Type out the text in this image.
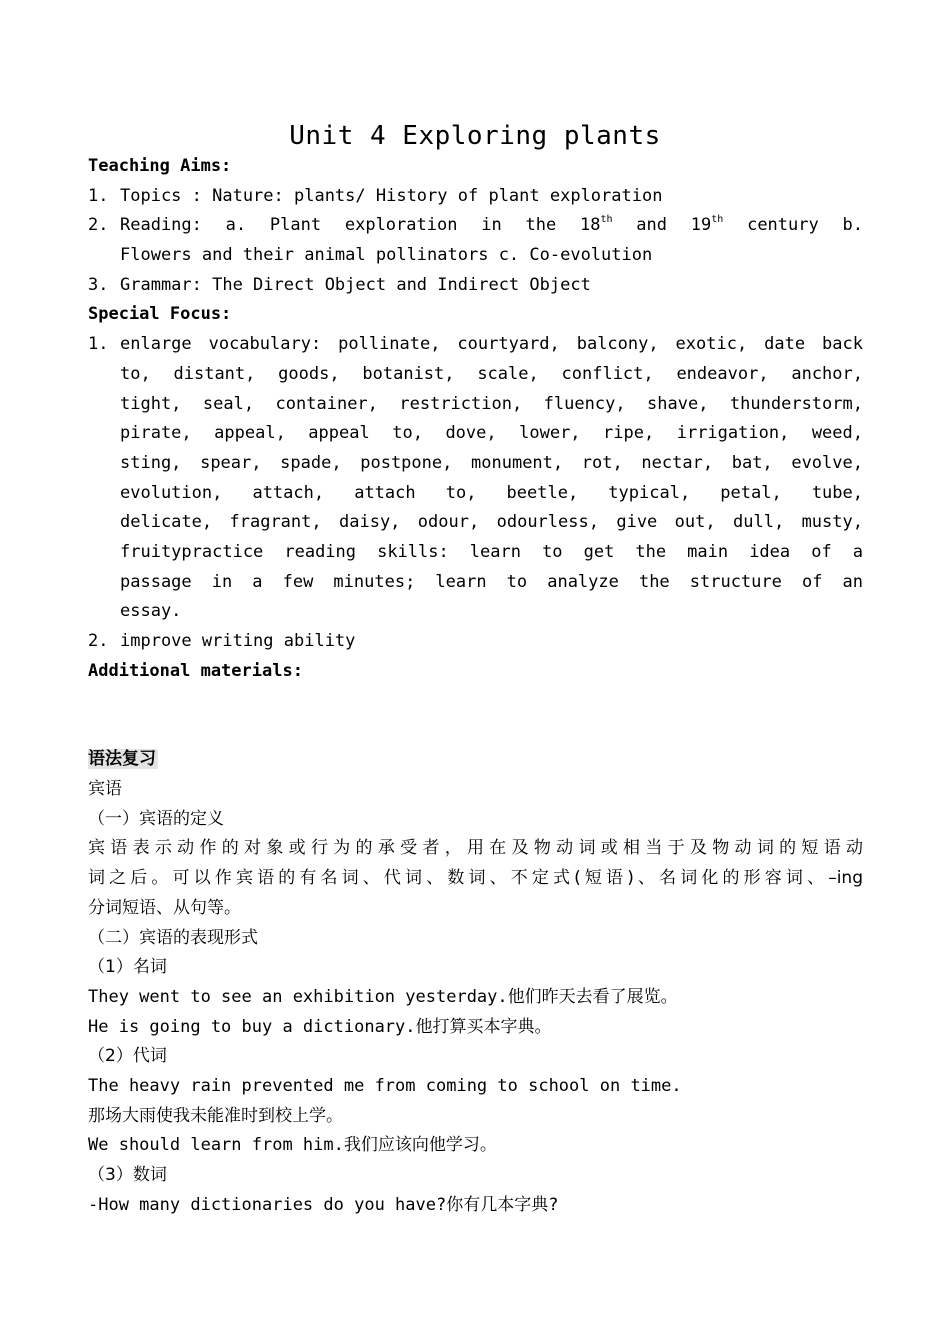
Unit 4 Exploring plants
Teaching Aims:
1. Topics : Nature: plants/ History of plant exploration
2. Reading: a. Plant exploration in the 18th and 19th century b.
Flowers and their animal pollinators c. Co-evolution
3. Grammar: The Direct Object and Indirect Object
Special Focus:
1. enlarge vocabulary: pollinate, courtyard, balcony, exotic, date back
to, distant, goods, botanist, scale, conflict, endeavor, anchor,
tight, seal, container, restriction, fluency, shave, thunderstorm,
pirate, appeal, appeal to, dove, lower, ripe, irrigation, weed,
sting, spear, spade, postpone, monument, rot, nectar, bat, evolve,
evolution, attach, attach to, beetle, typical, petal, tube,
delicate, fragrant, daisy, odour, odourless, give out, dull, musty,
fruitypractice reading skills: learn to get the main idea of a
passage in a few minutes; learn to analyze the structure of an
essay.
2. improve writing ability
Additional materials:
语法复习
宾语
（一）宾语的定义
宾语表示动作的对象或行为的承受者，用在及物动词或相当于及物动词的短语动
词之后。可以作宾语的有名词、代词、数词、不定式(短语)、名词化的形容词、–ing
分词短语、从句等。
（二）宾语的表现形式
（1）名词
They went to see an exhibition yesterday.他们昨天去看了展览。
He is going to buy a dictionary.他打算买本字典。
（2）代词
The heavy rain prevented me from coming to school on time.
那场大雨使我未能准时到校上学。
We should learn from him.我们应该向他学习。
（3）数词
-How many dictionaries do you have?你有几本字典?
